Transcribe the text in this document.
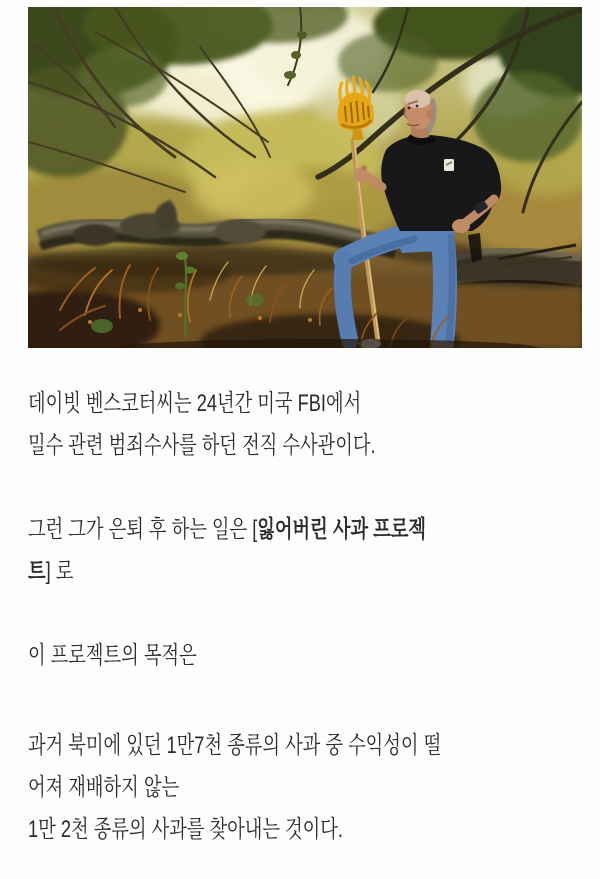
데이빗 벤스코터씨는 24년간 미국 FBI에서
밀수 관련 범죄수사를 하던 전직 수사관이다.
그런 그가 은퇴 후 하는 일은 [잃어버린 사과 프로젝
트] 로
이 프로젝트의 목적은
과거 북미에 있던 1만7천 종류의 사과 중 수익성이 떨
어져 재배하지 않는
1만 2천 종류의 사과를 찾아내는 것이다.
